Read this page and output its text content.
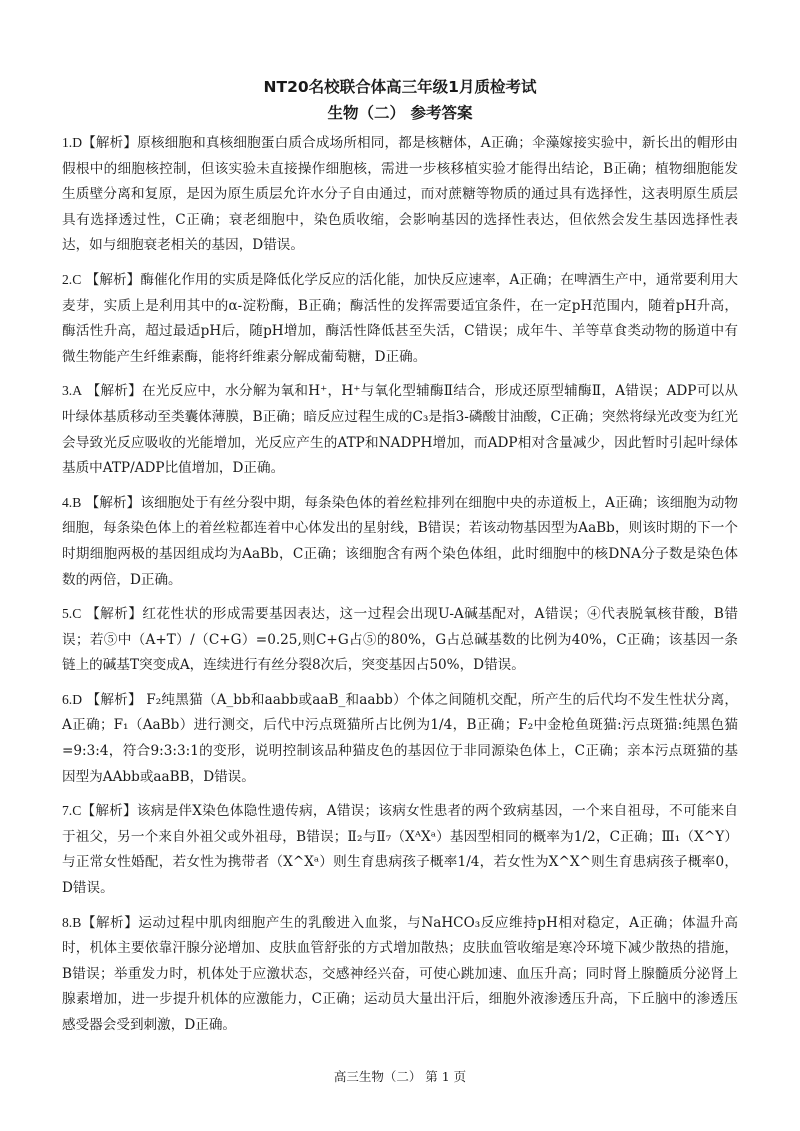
NT20名校联合体高三年级1月质检考试
生物（二） 参考答案

1.D【解析】原核细胞和真核细胞蛋白质合成场所相同，都是核糖体，A正确；伞藻嫁接实验中，新长出的帽形由假根中的细胞核控制，但该实验未直接操作细胞核，需进一步核移植实验才能得出结论，B正确；植物细胞能发生质壁分离和复原，是因为原生质层允许水分子自由通过，而对蔗糖等物质的通过具有选择性，这表明原生质层具有选择透过性，C正确；衰老细胞中，染色质收缩，会影响基因的选择性表达，但依然会发生基因选择性表达，如与细胞衰老相关的基因，D错误。

2.C 【解析】酶催化作用的实质是降低化学反应的活化能，加快反应速率，A正确；在啤酒生产中，通常要利用大麦芽，实质上是利用其中的α-淀粉酶，B正确；酶活性的发挥需要适宜条件，在一定pH范围内，随着pH升高，酶活性升高，超过最适pH后，随pH增加，酶活性降低甚至失活，C错误；成年牛、羊等草食类动物的肠道中有微生物能产生纤维素酶，能将纤维素分解成葡萄糖，D正确。

3.A 【解析】在光反应中，水分解为氧和H⁺，H⁺与氧化型辅酶Ⅱ结合，形成还原型辅酶Ⅱ，A错误；ADP可以从叶绿体基质移动至类囊体薄膜，B正确；暗反应过程生成的C₃是指3-磷酸甘油酸，C正确；突然将绿光改变为红光会导致光反应吸收的光能增加，光反应产生的ATP和NADPH增加，而ADP相对含量减少，因此暂时引起叶绿体基质中ATP/ADP比值增加，D正确。

4.B 【解析】该细胞处于有丝分裂中期，每条染色体的着丝粒排列在细胞中央的赤道板上，A正确；该细胞为动物细胞，每条染色体上的着丝粒都连着中心体发出的星射线，B错误；若该动物基因型为AaBb，则该时期的下一个时期细胞两极的基因组成均为AaBb，C正确；该细胞含有两个染色体组，此时细胞中的核DNA分子数是染色体数的两倍，D正确。

5.C 【解析】红花性状的形成需要基因表达，这一过程会出现U-A碱基配对，A错误；④代表脱氧核苷酸，B错误；若⑤中（A+T）/（C+G）=0.25,则C+G占⑤的80%，G占总碱基数的比例为40%，C正确；该基因一条链上的碱基T突变成A，连续进行有丝分裂8次后，突变基因占50%，D错误。

6.D 【解析】 F₂纯黑猫（A_bb和aabb或aaB_和aabb）个体之间随机交配，所产生的后代均不发生性状分离，A正确；F₁（AaBb）进行测交，后代中污点斑猫所占比例为1/4，B正确；F₂中金枪鱼斑猫:污点斑猫:纯黑色猫=9:3:4，符合9:3:3:1的变形，说明控制该品种猫皮色的基因位于非同源染色体上，C正确；亲本污点斑猫的基因型为AAbb或aaBB，D错误。

7.C【解析】该病是伴X染色体隐性遗传病，A错误；该病女性患者的两个致病基因，一个来自祖母，不可能来自于祖父，另一个来自外祖父或外祖母，B错误；Ⅱ₂与Ⅱ₇（XᴬXᵃ）基因型相同的概率为1/2，C正确；Ⅲ₁（X^Y）与正常女性婚配，若女性为携带者（X^Xᵃ）则生育患病孩子概率1/4，若女性为X^X^则生育患病孩子概率0，D错误。

8.B【解析】运动过程中肌肉细胞产生的乳酸进入血浆，与NaHCO₃反应维持pH相对稳定，A正确；体温升高时，机体主要依靠汗腺分泌增加、皮肤血管舒张的方式增加散热；皮肤血管收缩是寒冷环境下减少散热的措施，B错误；举重发力时，机体处于应激状态，交感神经兴奋，可使心跳加速、血压升高；同时肾上腺髓质分泌肾上腺素增加，进一步提升机体的应激能力，C正确；运动员大量出汗后，细胞外液渗透压升高，下丘脑中的渗透压感受器会受到刺激，D正确。

高三生物（二） 第 1 页
